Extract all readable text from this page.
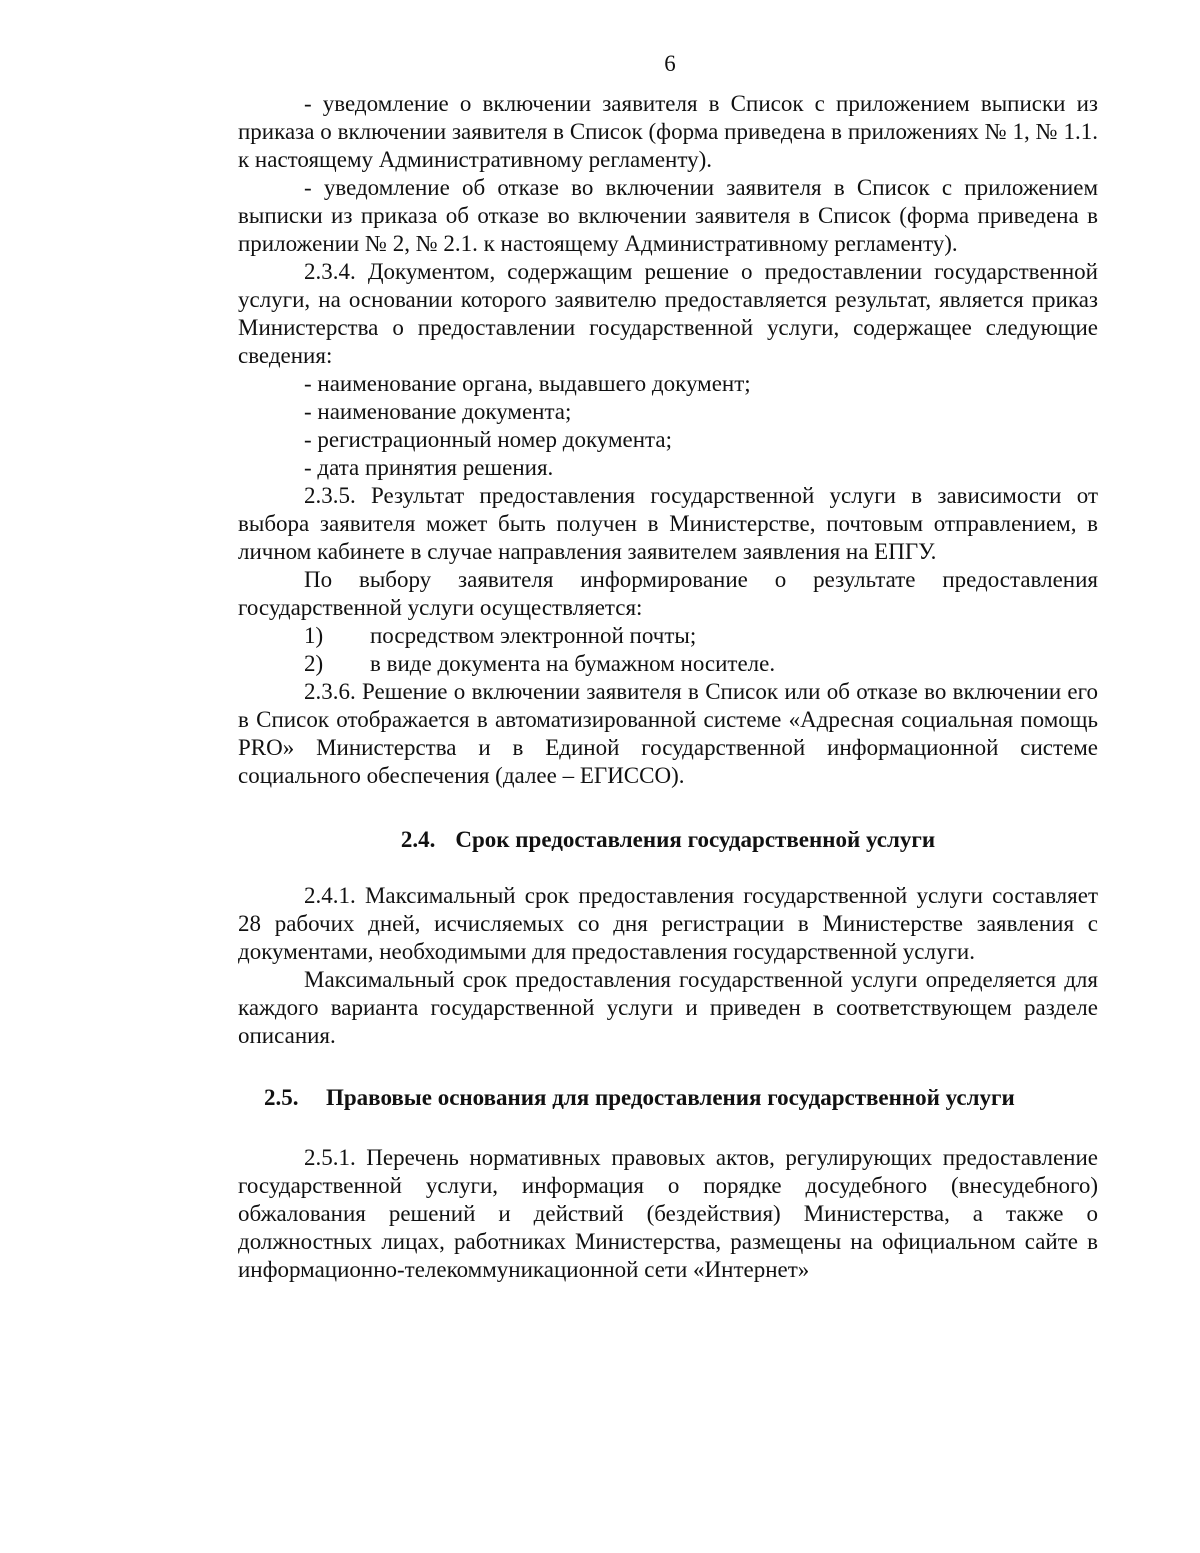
6

- уведомление о включении заявителя в Список с приложением выписки из приказа о включении заявителя в Список (форма приведена в приложениях № 1, № 1.1. к настоящему Административному регламенту).

- уведомление об отказе во включении заявителя в Список с приложением выписки из приказа об отказе во включении заявителя в Список (форма приведена в приложении № 2, № 2.1. к настоящему Административному регламенту).

2.3.4. Документом, содержащим решение о предоставлении государственной услуги, на основании которого заявителю предоставляется результат, является приказ Министерства о предоставлении государственной услуги, содержащее следующие сведения:

- наименование органа, выдавшего документ;

- наименование документа;

- регистрационный номер документа;

- дата принятия решения.

2.3.5. Результат предоставления государственной услуги в зависимости от выбора заявителя может быть получен в Министерстве, почтовым отправлением, в личном кабинете в случае направления заявителем заявления на ЕПГУ.

По выбору заявителя информирование о результате предоставления государственной услуги осуществляется:

1)	посредством электронной почты;
2)	в виде документа на бумажном носителе.

2.3.6. Решение о включении заявителя в Список или об отказе во включении его в Список отображается в автоматизированной системе «Адресная социальная помощь PRO» Министерства и в Единой государственной информационной системе социального обеспечения (далее – ЕГИССО).

2.4. Срок предоставления государственной услуги

2.4.1. Максимальный срок предоставления государственной услуги составляет 28 рабочих дней, исчисляемых со дня регистрации в Министерстве заявления с документами, необходимыми для предоставления государственной услуги.

Максимальный срок предоставления государственной услуги определяется для каждого варианта государственной услуги и приведен в соответствующем разделе описания.

2.5. Правовые основания для предоставления государственной услуги

2.5.1. Перечень нормативных правовых актов, регулирующих предоставление государственной услуги, информация о порядке досудебного (внесудебного) обжалования решений и действий (бездействия) Министерства, а также о должностных лицах, работниках Министерства, размещены на официальном сайте в информационно-телекоммуникационной сети «Интернет»
